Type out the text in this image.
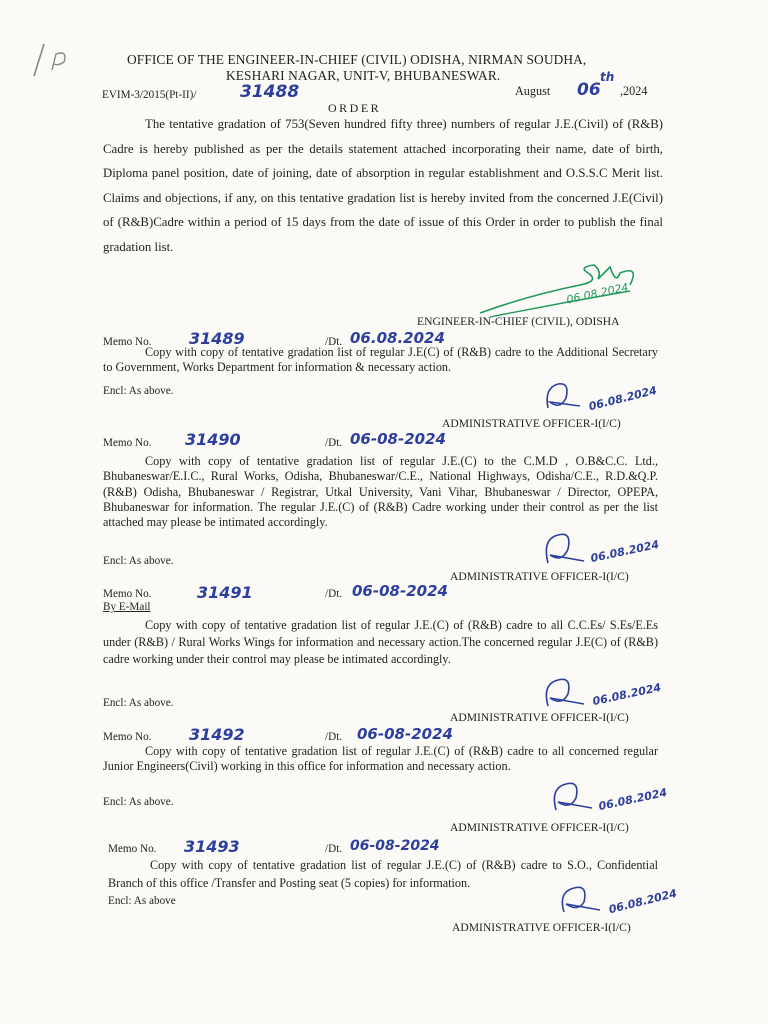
OFFICE OF THE ENGINEER-IN-CHIEF (CIVIL) ODISHA, NIRMAN SOUDHA,
KESHARI NAGAR, UNIT-V, BHUBANESWAR.
EVIM-3/2015(Pt-II)/	31488	August 06
th
,2024
ORDER
The tentative gradation of 753(Seven hundred fifty three) numbers of regular J.E.(Civil) of (R&B) Cadre is hereby published as per the details statement attached incorporating their name, date of birth, Diploma panel position, date of joining, date of absorption in regular establishment and O.S.S.C Merit list. Claims and objections, if any, on this tentative gradation list is hereby invited from the concerned J.E(Civil) of (R&B)Cadre within a period of 15 days from the date of issue of this Order in order to publish the final gradation list.
06.08.2024
ENGINEER-IN-CHIEF (CIVIL), ODISHA
Memo No. 31489	/Dt. 06.08.2024
Copy with copy of tentative gradation list of regular J.E(C) of (R&B) cadre to the Additional Secretary to Government, Works Department for information & necessary action.
Encl: As above.	06.08.2024
ADMINISTRATIVE OFFICER-I(I/C)
Memo No. 31490	/Dt. 06-08-2024
Copy with copy of tentative gradation list of regular J.E.(C) to the C.M.D , O.B&C.C. Ltd., Bhubaneswar/E.I.C., Rural Works, Odisha, Bhubaneswar/C.E., National Highways, Odisha/C.E., R.D.&Q.P.(R&B) Odisha, Bhubaneswar / Registrar, Utkal University, Vani Vihar, Bhubaneswar / Director, OPEPA, Bhubaneswar for information. The regular J.E.(C) of (R&B) Cadre working under their control as per the list attached may please be intimated accordingly.
Encl: As above.	06.08.2024
ADMINISTRATIVE OFFICER-I(I/C)
Memo No.	31491	/Dt. 06-08-2024
By E-Mail
Copy with copy of tentative gradation list of regular J.E.(C) of (R&B) cadre to all C.C.Es/ S.Es/E.Es under (R&B) / Rural Works Wings for information and necessary action.The concerned regular J.E(C) of (R&B) cadre working under their control may please be intimated accordingly.
Encl: As above.	06.08.2024
ADMINISTRATIVE OFFICER-I(I/C)
Memo No. 31492	/Dt. 06-08-2024
Copy with copy of tentative gradation list of regular J.E.(C) of (R&B) cadre to all concerned regular Junior Engineers(Civil) working in this office for information and necessary action.
Encl: As above.	06.08.2024
ADMINISTRATIVE OFFICER-I(I/C)
Memo No. 31493	/Dt. 06-08-2024
Copy with copy of tentative gradation list of regular J.E.(C) of (R&B) cadre to S.O., Confidential Branch of this office /Transfer and Posting seat (5 copies) for information.
Encl: As above	06.08.2024
ADMINISTRATIVE OFFICER-I(I/C)
